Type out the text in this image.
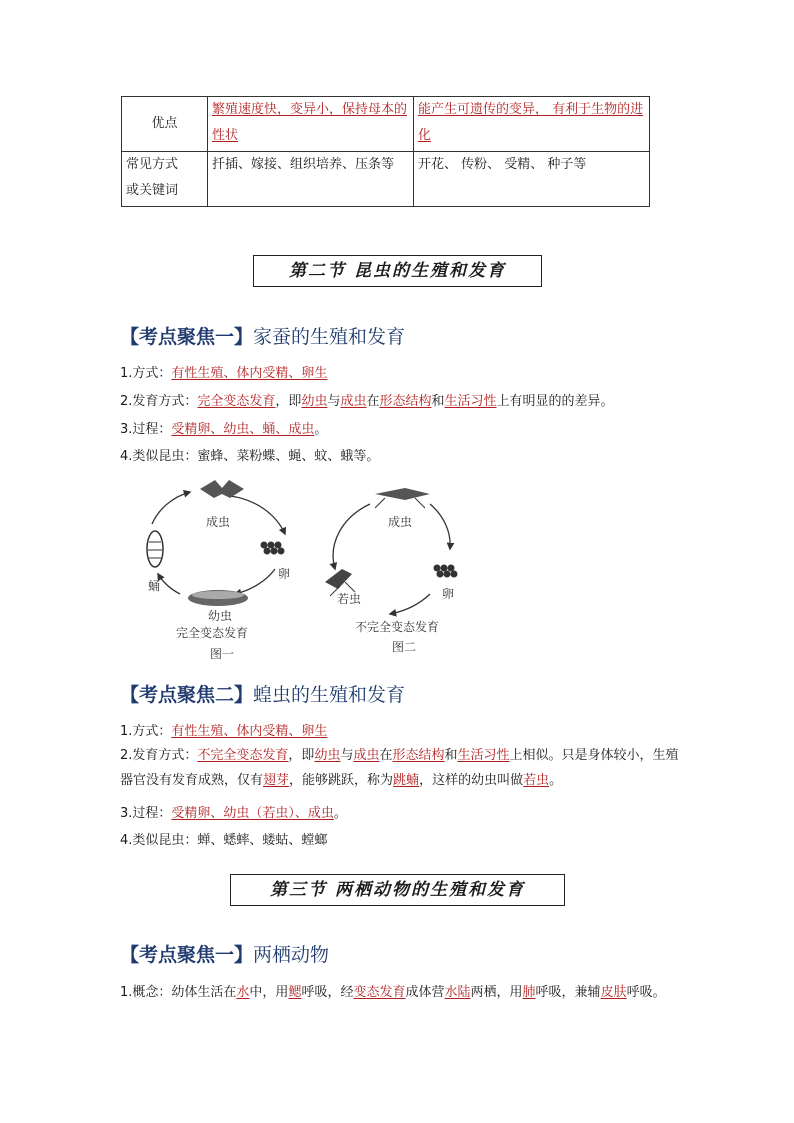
优点	繁殖速度快，变异小，保持母本的性状	能产生可遗传的变异， 有利于生物的进化

常见方式
或关键词	扦插、嫁接、组织培养、压条等	开花、 传粉、 受精、 种子等
第二节 昆虫的生殖和发育
【考点聚焦一】家蚕的生殖和发育
1.方式：有性生殖、体内受精、卵生
2.发育方式：完全变态发育，即幼虫与成虫在形态结构和生活习性上有明显的的差异。
3.过程：受精卵、幼虫、蛹、成虫。
4.类似昆虫：蜜蜂、菜粉蝶、蝇、蚊、蛾等。
成虫
卵
蛹
幼虫
完全变态发育
图一
成虫
卵
若虫
不完全变态发育
图二
【考点聚焦二】蝗虫的生殖和发育
1.方式：有性生殖、体内受精、卵生
2.发育方式：不完全变态发育，即幼虫与成虫在形态结构和生活习性上相似。只是身体较小，生殖器官没有发育成熟，仅有翅芽，能够跳跃，称为跳蝻，这样的幼虫叫做若虫。
3.过程：受精卵、幼虫（若虫）、成虫。
4.类似昆虫：蝉、蟋蟀、蝼蛄、螳螂
第三节 两栖动物的生殖和发育
【考点聚焦一】两栖动物
1.概念：幼体生活在水中，用鳃呼吸，经变态发育成体营水陆两栖，用肺呼吸，兼辅皮肤呼吸。
